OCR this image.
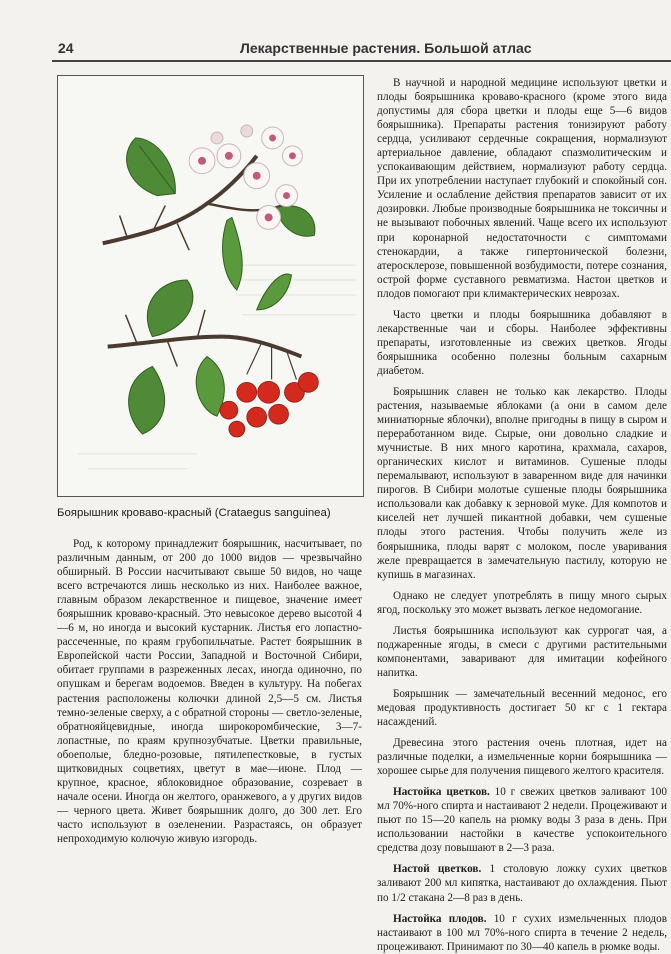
24	Лекарственные растения. Большой атлас
Боярышник кроваво-красный (Crataegus sanguinea)

Род, к которому принадлежит боярышник, насчитывает, по различным данным, от 200 до 1000 видов — чрезвычайно обширный. В России насчитывают свыше 50 видов, но чаще всего встречаются лишь несколько из них. Наиболее важное, главным образом лекарственное и пищевое, значение имеет боярышник кроваво-красный. Это невысокое дерево высотой 4—6 м, но иногда и высокий кустарник. Листья его лопастно-рассеченные, по краям грубопильчатые. Растет боярышник в Европейской части России, Западной и Восточной Сибири, обитает группами в разреженных лесах, иногда одиночно, по опушкам и берегам водоемов. Введен в культуру. На побегах растения расположены колючки длиной 2,5—5 см. Листья темно-зеленые сверху, а с обратной стороны — светло-зеленые, обратнояйцевидные, иногда широкоромбические, 3—7-лопастные, по краям крупнозубчатые. Цветки правильные, обоеполые, бледно-розовые, пятилепестковые, в густых щитковидных соцветиях, цветут в мае—июне. Плод — крупное, красное, яблоковидное образование, созревает в начале осени. Иногда он желтого, оранжевого, а у других видов — черного цвета. Живет боярышник долго, до 300 лет. Его часто используют в озеленении. Разрастаясь, он образует непроходимую колючую живую изгородь.

В научной и народной медицине используют цветки и плоды боярышника кроваво-красного (кроме этого вида допустимы для сбора цветки и плоды еще 5—6 видов боярышника). Препараты растения тонизируют работу сердца, усиливают сердечные сокращения, нормализуют артериальное давление, обладают спазмолитическим и успокаивающим действием, нормализуют работу сердца. При их употреблении наступает глубокий и спокойный сон. Усиление и ослабление действия препаратов зависит от их дозировки. Любые производные боярышника не токсичны и не вызывают побочных явлений. Чаще всего их используют при коронарной недостаточности с симптомами стенокардии, а также гипертонической болезни, атеросклерозе, повышенной возбудимости, потере сознания, острой форме суставного ревматизма. Настои цветков и плодов помогают при климактерических неврозах.

Часто цветки и плоды боярышника добавляют в лекарственные чаи и сборы. Наиболее эффективны препараты, изготовленные из свежих цветков. Ягоды боярышника особенно полезны больным сахарным диабетом.

Боярышник славен не только как лекарство. Плоды растения, называемые яблоками (а они в самом деле миниатюрные яблочки), вполне пригодны в пищу в сыром и переработанном виде. Сырые, они довольно сладкие и мучнистые. В них много каротина, крахмала, сахаров, органических кислот и витаминов. Сушеные плоды перемалывают, используют в заваренном виде для начинки пирогов. В Сибири молотые сушеные плоды боярышника использовали как добавку к зерновой муке. Для компотов и киселей нет лучшей пикантной добавки, чем сушеные плоды этого растения. Чтобы получить желе из боярышника, плоды варят с молоком, после уваривания желе превращается в замечательную пастилу, которую не купишь в магазинах.

Однако не следует употреблять в пищу много сырых ягод, поскольку это может вызвать легкое недомогание.

Листья боярышника используют как суррогат чая, а поджаренные ягоды, в смеси с другими растительными компонентами, заваривают для имитации кофейного напитка.

Боярышник — замечательный весенний медонос, его медовая продуктивность достигает 50 кг с 1 гектара насаждений.

Древесина этого растения очень плотная, идет на различные поделки, а измельченные корни боярышника — хорошее сырье для получения пищевого желтого красителя.

Настойка цветков. 10 г свежих цветков заливают 100 мл 70%-ного спирта и настаивают 2 недели. Процеживают и пьют по 15—20 капель на рюмку воды 3 раза в день. При использовании настойки в качестве успокоительного средства дозу повышают в 2—3 раза.

Настой цветков. 1 столовую ложку сухих цветков заливают 200 мл кипятка, настаивают до охлаждения. Пьют по 1/2 стакана 2—8 раз в день.

Настойка плодов. 10 г сухих измельченных плодов настаивают в 100 мл 70%-ного спирта в течение 2 недель, процеживают. Принимают по 30—40 капель в рюмке воды.
